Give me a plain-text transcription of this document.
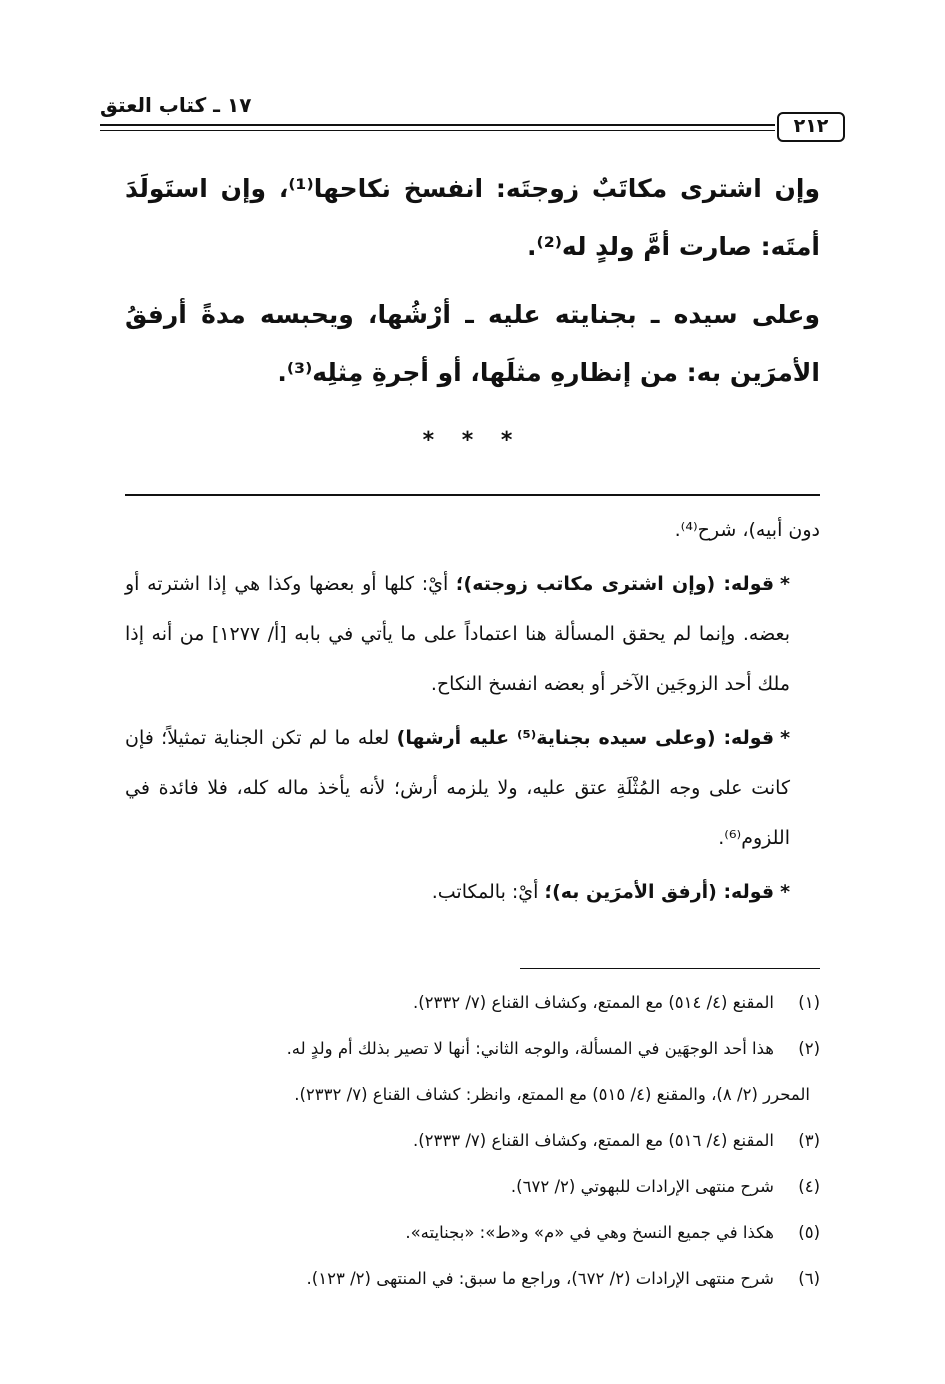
٢١٢
١٧ ـ كتاب العتق

وإن اشترى مكاتَبٌ زوجتَه: انفسخ نكاحها⁽¹⁾، وإن استَولَدَ أمتَه: صارت أمَّ ولدٍ له⁽²⁾.

وعلى سيده ـ بجنايته عليه ـ أرْشُها، ويحبسه مدةً أرفقُ الأمرَين به: من إنظارهِ مثلَها، أو أجرةِ مِثلِه⁽³⁾.

* * *

دون أبيه)، شرح⁽⁴⁾.

*قوله: (وإن اشترى مكاتب زوجته)؛ أيْ: كلها أو بعضها وكذا هي إذا اشترته أو بعضه. وإنما لم يحقق المسألة هنا اعتماداً على ما يأتي في بابه [أ/ ١٢٧٧] من أنه إذا ملك أحد الزوجَين الآخر أو بعضه انفسخ النكاح.

*قوله: (وعلى سيده بجناية⁽⁵⁾ عليه أرشها) لعله ما لم تكن الجناية تمثيلاً؛ فإن كانت على وجه المُثْلَةِ عتق عليه، ولا يلزمه أرش؛ لأنه يأخذ ماله كله، فلا فائدة في اللزوم⁽⁶⁾.

*قوله: (أرفق الأمرَين به)؛ أيْ: بالمكاتب.

(١)
المقنع (٤/ ٥١٤) مع الممتع، وكشاف القناع (٧/ ٢٣٣٢).

(٢)
هذا أحد الوجهَين في المسألة، والوجه الثاني: أنها لا تصير بذلك أم ولدٍ له.

المحرر (٢/ ٨)، والمقنع (٤/ ٥١٥) مع الممتع، وانظر: كشاف القناع (٧/ ٢٣٣٢).

(٣)
المقنع (٤/ ٥١٦) مع الممتع، وكشاف القناع (٧/ ٢٣٣٣).

(٤)
شرح منتهى الإرادات للبهوتي (٢/ ٦٧٢).

(٥)
هكذا في جميع النسخ وهي في «م» و«ط»: «بجنايته».

(٦)
شرح منتهى الإرادات (٢/ ٦٧٢)، وراجع ما سبق: في المنتهى (٢/ ١٢٣).
